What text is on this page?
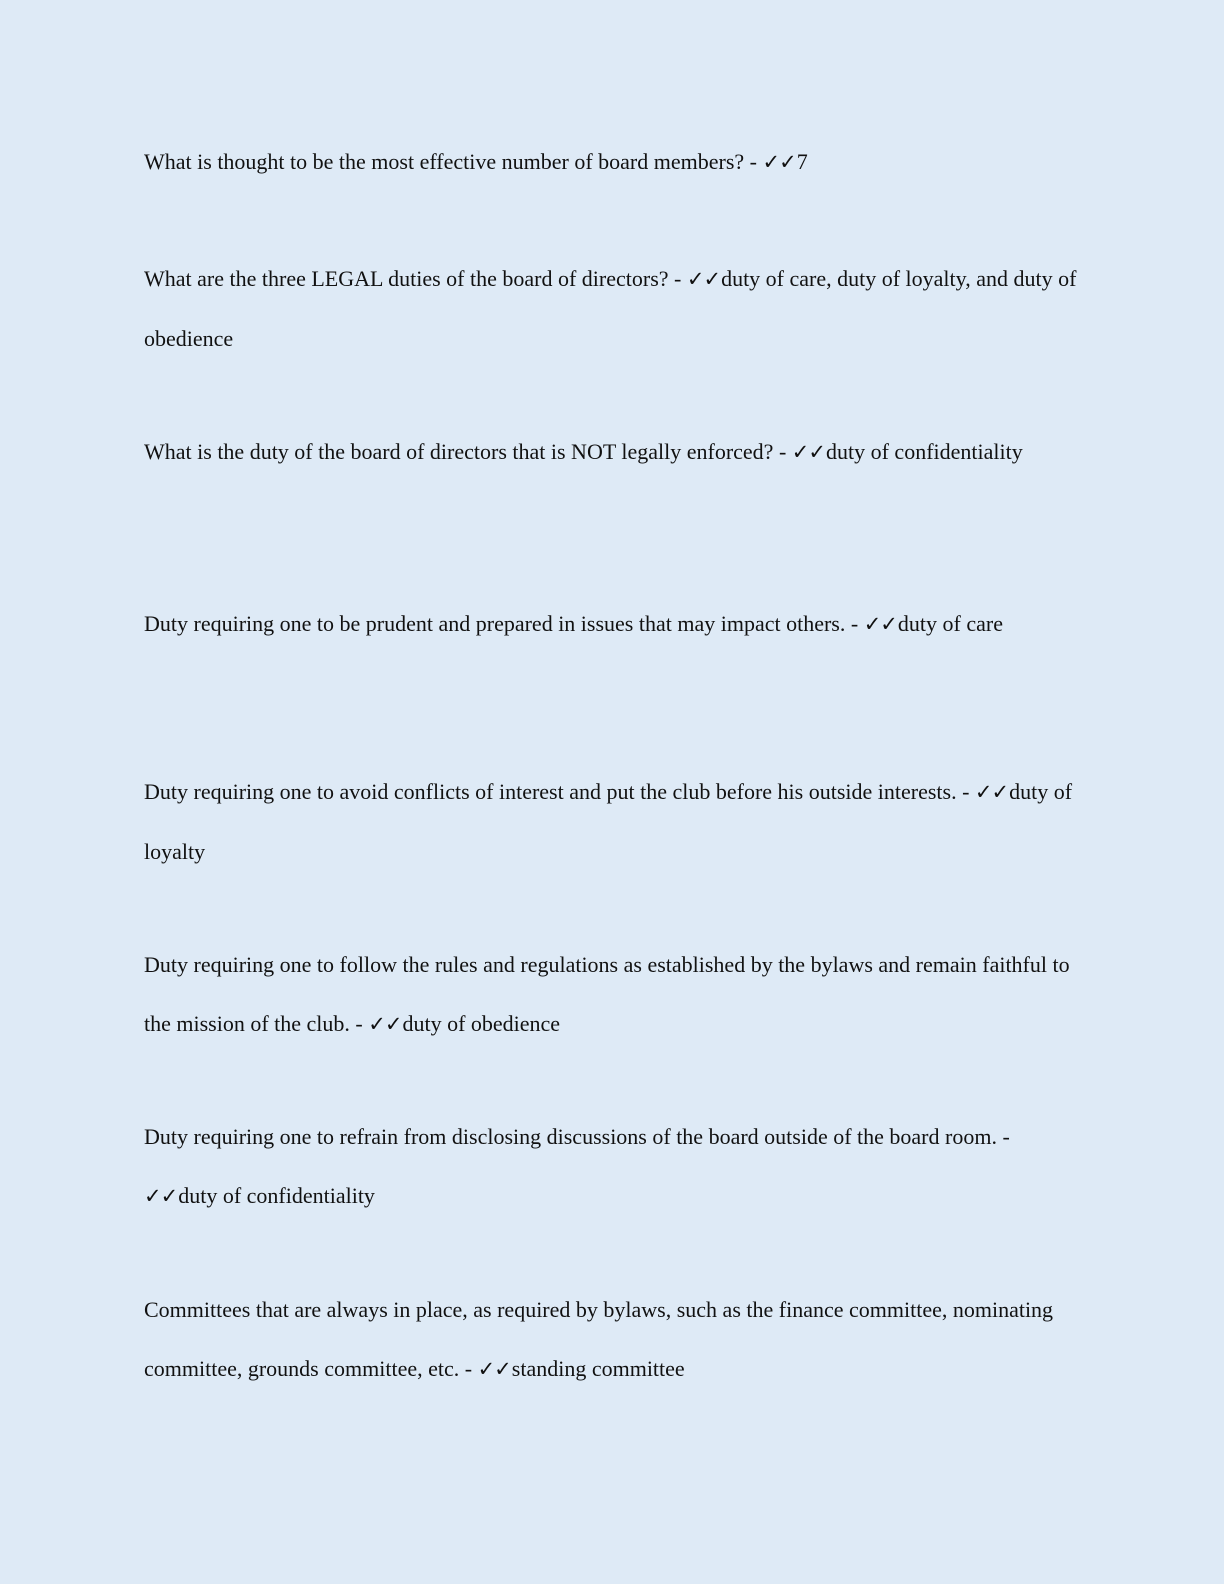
What is thought to be the most effective number of board members? - ✓✓7

What are the three LEGAL duties of the board of directors? - ✓✓duty of care, duty of loyalty, and duty of obedience

What is the duty of the board of directors that is NOT legally enforced? - ✓✓duty of confidentiality

Duty requiring one to be prudent and prepared in issues that may impact others. - ✓✓duty of care

Duty requiring one to avoid conflicts of interest and put the club before his outside interests. - ✓✓duty of loyalty

Duty requiring one to follow the rules and regulations as established by the bylaws and remain faithful to the mission of the club. - ✓✓duty of obedience

Duty requiring one to refrain from disclosing discussions of the board outside of the board room. - ✓✓duty of confidentiality

Committees that are always in place, as required by bylaws, such as the finance committee, nominating committee, grounds committee, etc. - ✓✓standing committee
